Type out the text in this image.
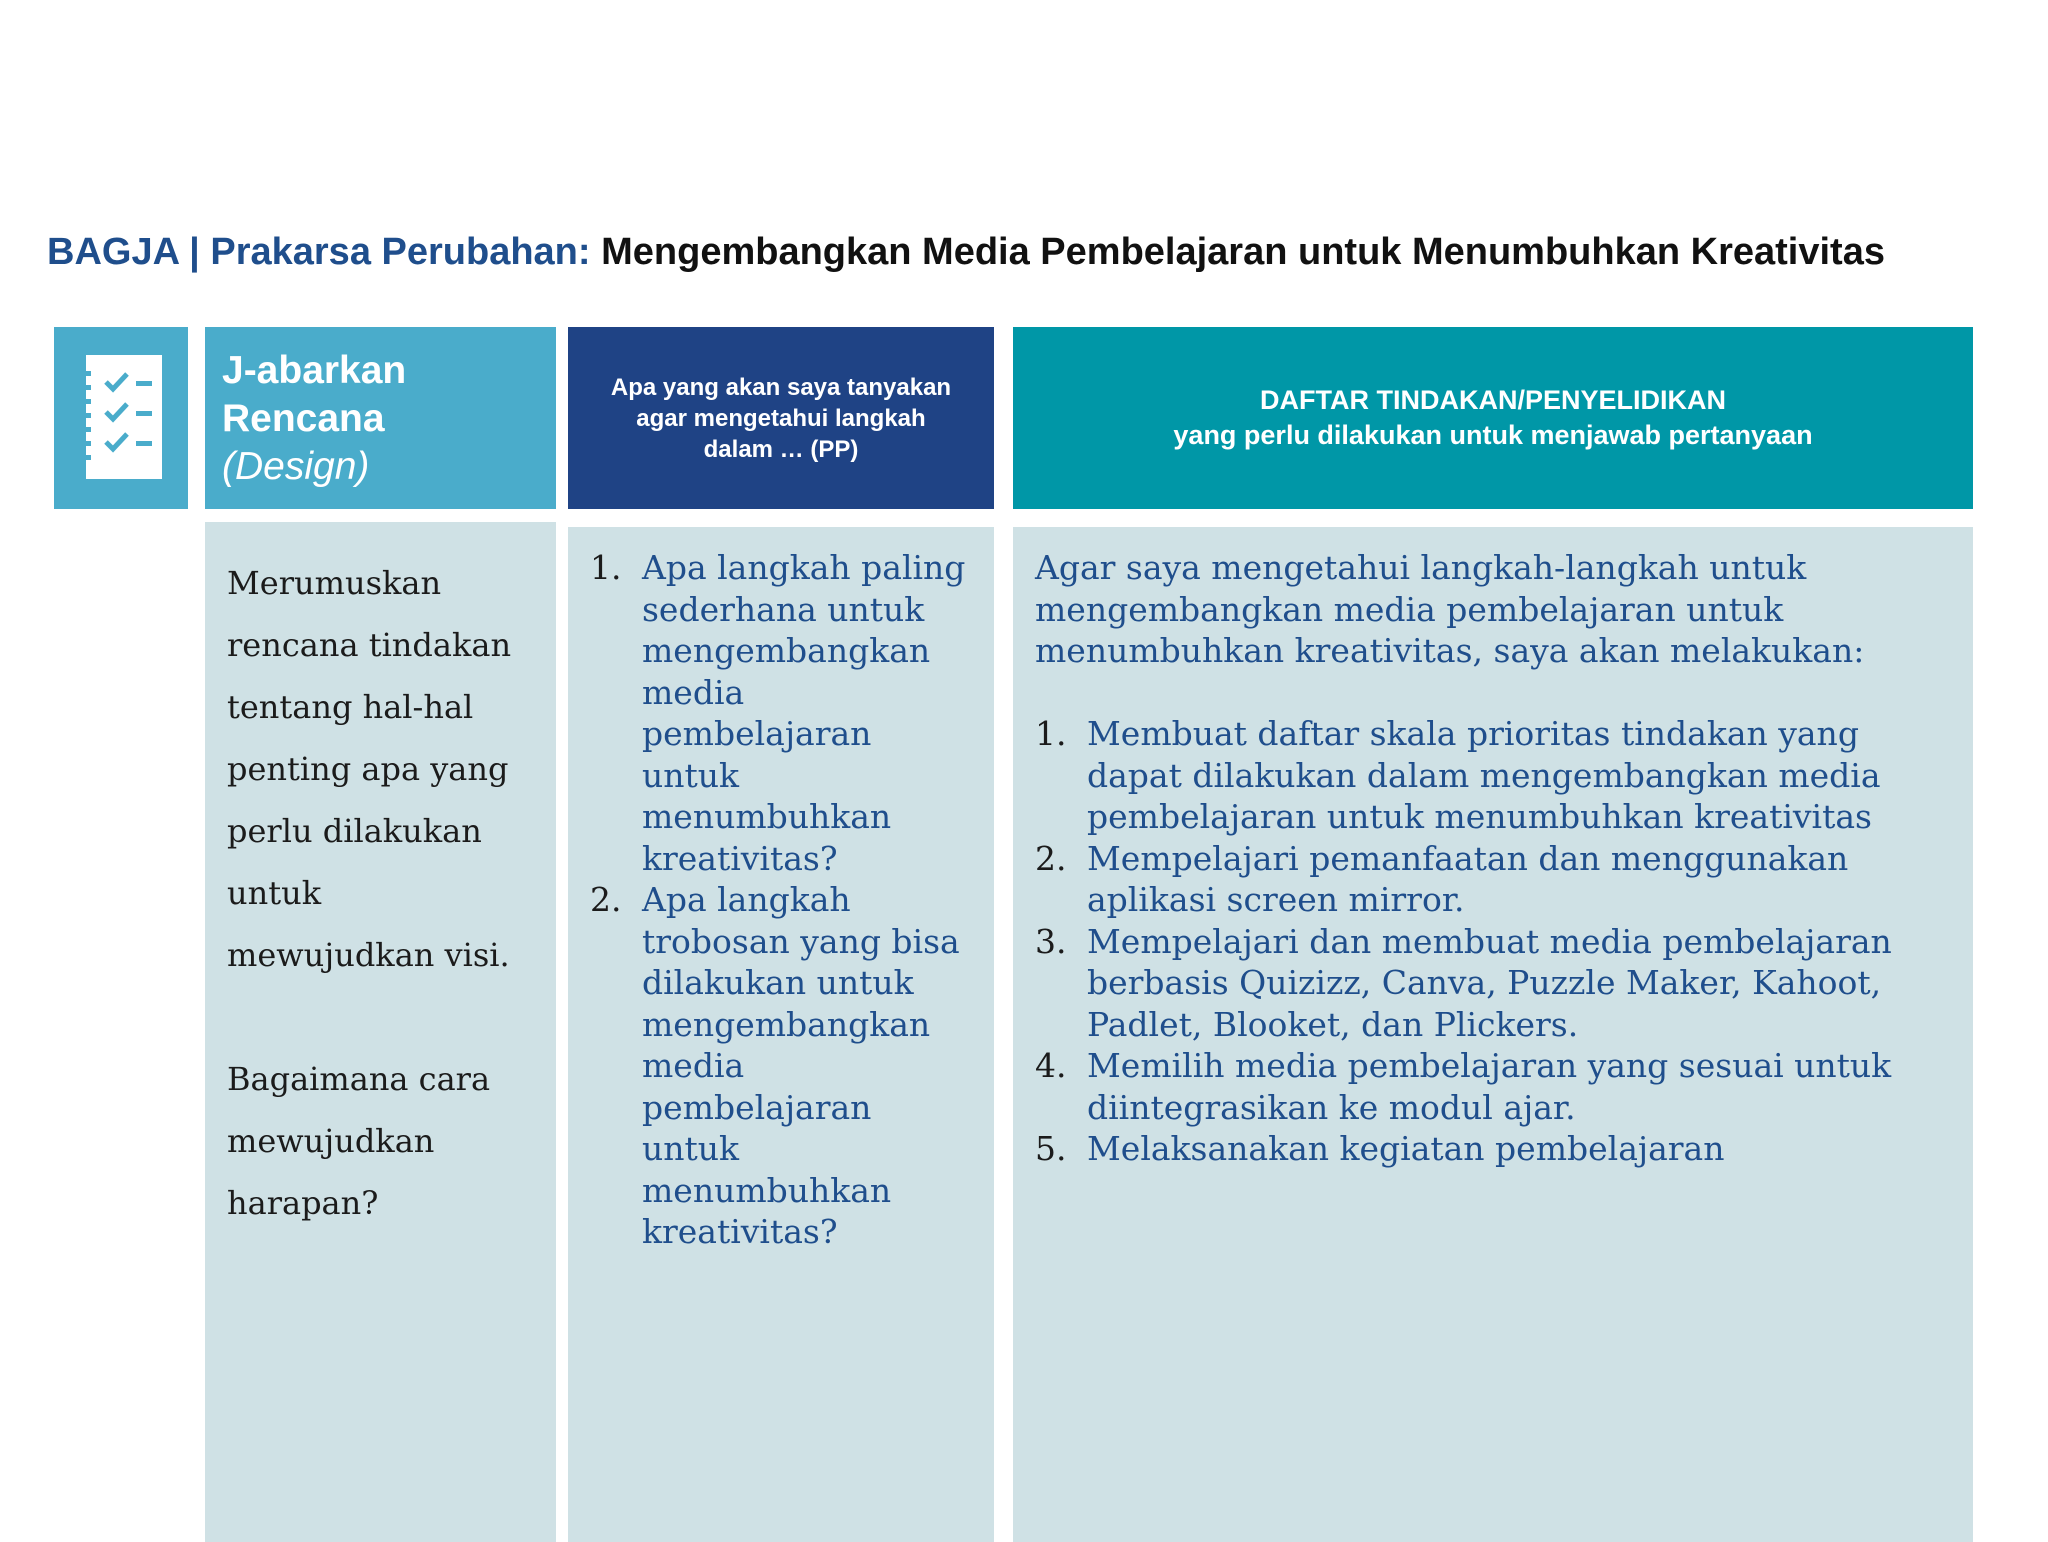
BAGJA | Prakarsa Perubahan: Mengembangkan Media Pembelajaran untuk Menumbuhkan Kreativitas
J-abarkan
Rencana
(Design)
Apa yang akan saya tanyakan
agar mengetahui langkah
dalam … (PP)
DAFTAR TINDAKAN/PENYELIDIKAN
yang perlu dilakukan untuk menjawab pertanyaan

Merumuskan

rencana tindakan

tentang hal-hal

penting apa yang

perlu dilakukan

untuk

mewujudkan visi.

Bagaimana cara

mewujudkan

harapan?

1. Apa langkah paling
sederhana untuk
mengembangkan
media
pembelajaran
untuk
menumbuhkan
kreativitas?
2. Apa langkah
trobosan yang bisa
dilakukan untuk
mengembangkan
media
pembelajaran
untuk
menumbuhkan
kreativitas?

Agar saya mengetahui langkah-langkah untuk
mengembangkan media pembelajaran untuk
menumbuhkan kreativitas, saya akan melakukan:

1. Membuat daftar skala prioritas tindakan yang
dapat dilakukan dalam mengembangkan media
pembelajaran untuk menumbuhkan kreativitas
2. Mempelajari pemanfaatan dan menggunakan
aplikasi screen mirror.
3. Mempelajari dan membuat media pembelajaran
berbasis Quizizz, Canva, Puzzle Maker, Kahoot,
Padlet, Blooket, dan Plickers.
4. Memilih media pembelajaran yang sesuai untuk
diintegrasikan ke modul ajar.
5. Melaksanakan kegiatan pembelajaran
